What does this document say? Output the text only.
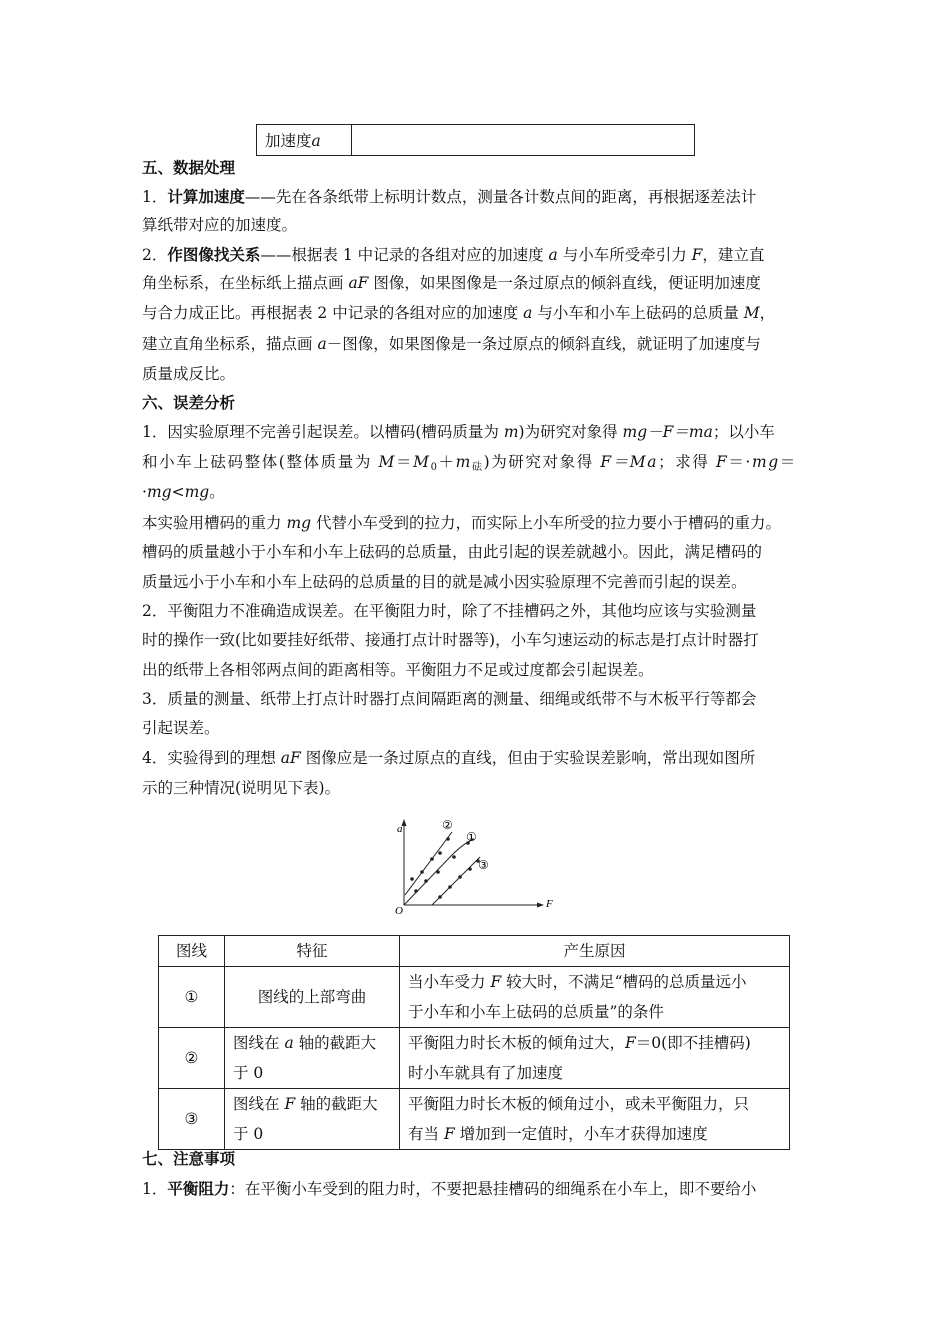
加速度a	
五、数据处理
1．计算加速度——先在各条纸带上标明计数点，测量各计数点间的距离，再根据逐差法计
算纸带对应的加速度。
2．作图像找关系——根据表 1 中记录的各组对应的加速度 a 与小车所受牵引力 F，建立直
角坐标系，在坐标纸上描点画 aF 图像，如果图像是一条过原点的倾斜直线，便证明加速度
与合力成正比。再根据表 2 中记录的各组对应的加速度 a 与小车和小车上砝码的总质量 M，
建立直角坐标系，描点画 a－图像，如果图像是一条过原点的倾斜直线，就证明了加速度与
质量成反比。
六、误差分析
1．因实验原理不完善引起误差。以槽码(槽码质量为 m)为研究对象得 mg－F＝ma；以小车
和小车上砝码整体(整体质量为 $M=M_0+m_砝$)为研究对象得 F＝Ma；求得 F＝·mg＝
·mg<mg。
本实验用槽码的重力 mg 代替小车受到的拉力，而实际上小车所受的拉力要小于槽码的重力。
槽码的质量越小于小车和小车上砝码的总质量，由此引起的误差就越小。因此，满足槽码的
质量远小于小车和小车上砝码的总质量的目的就是减小因实验原理不完善而引起的误差。
2．平衡阻力不准确造成误差。在平衡阻力时，除了不挂槽码之外，其他均应该与实验测量
时的操作一致(比如要挂好纸带、接通打点计时器等)，小车匀速运动的标志是打点计时器打
出的纸带上各相邻两点间的距离相等。平衡阻力不足或过度都会引起误差。
3．质量的测量、纸带上打点计时器打点间隔距离的测量、细绳或纸带不与木板平行等都会
引起误差。
4．实验得到的理想 aF 图像应是一条过原点的直线，但由于实验误差影响，常出现如图所
示的三种情况(说明见下表)。
a
F
O
②
①
③
图线	特征	产生原因
①	图线的上部弯曲	当小车受力 F 较大时，不满足“槽码的总质量远小
于小车和小车上砝码的总质量”的条件
②	图线在 a 轴的截距大
于 0	平衡阻力时长木板的倾角过大，F＝0(即不挂槽码)
时小车就具有了加速度
③	图线在 F 轴的截距大
于 0	平衡阻力时长木板的倾角过小，或未平衡阻力，只
有当 F 增加到一定值时，小车才获得加速度
七、注意事项
1．平衡阻力：在平衡小车受到的阻力时，不要把悬挂槽码的细绳系在小车上，即不要给小
